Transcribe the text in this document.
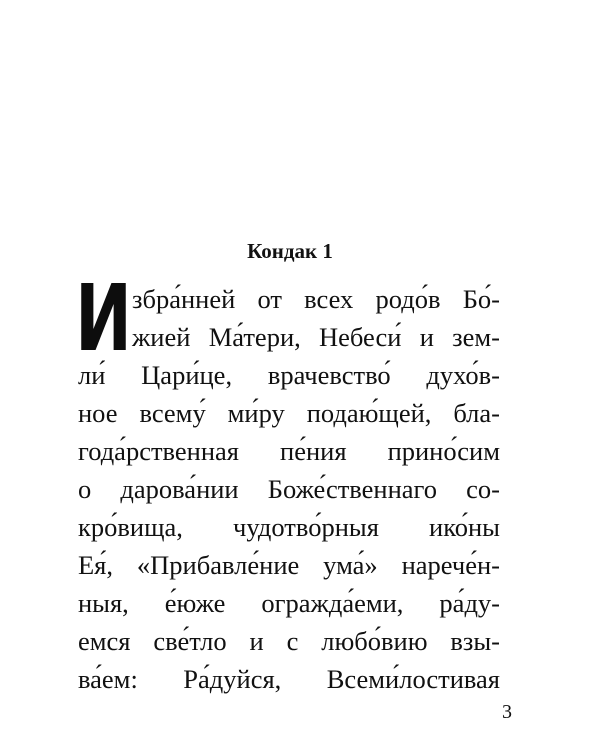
Кондак 1
И збра́нней от всех родо́в Бо́-
жией Ма́тери, Небеси́ и зем-
ли́ Цари́це, врачевство́ духо́в-
ное всему́ ми́ру подаю́щей, бла-
года́рственная пе́ния прино́сим
о дарова́нии Боже́ственнаго со-
кро́вища, чудотво́рныя ико́ны
Ея́, «Прибавле́ние ума́» нарече́н-
ныя, е́юже огражда́еми, ра́ду-
емся све́тло и с любо́вию взы-
ва́ем: Ра́дуйся, Всеми́лостивая
3
